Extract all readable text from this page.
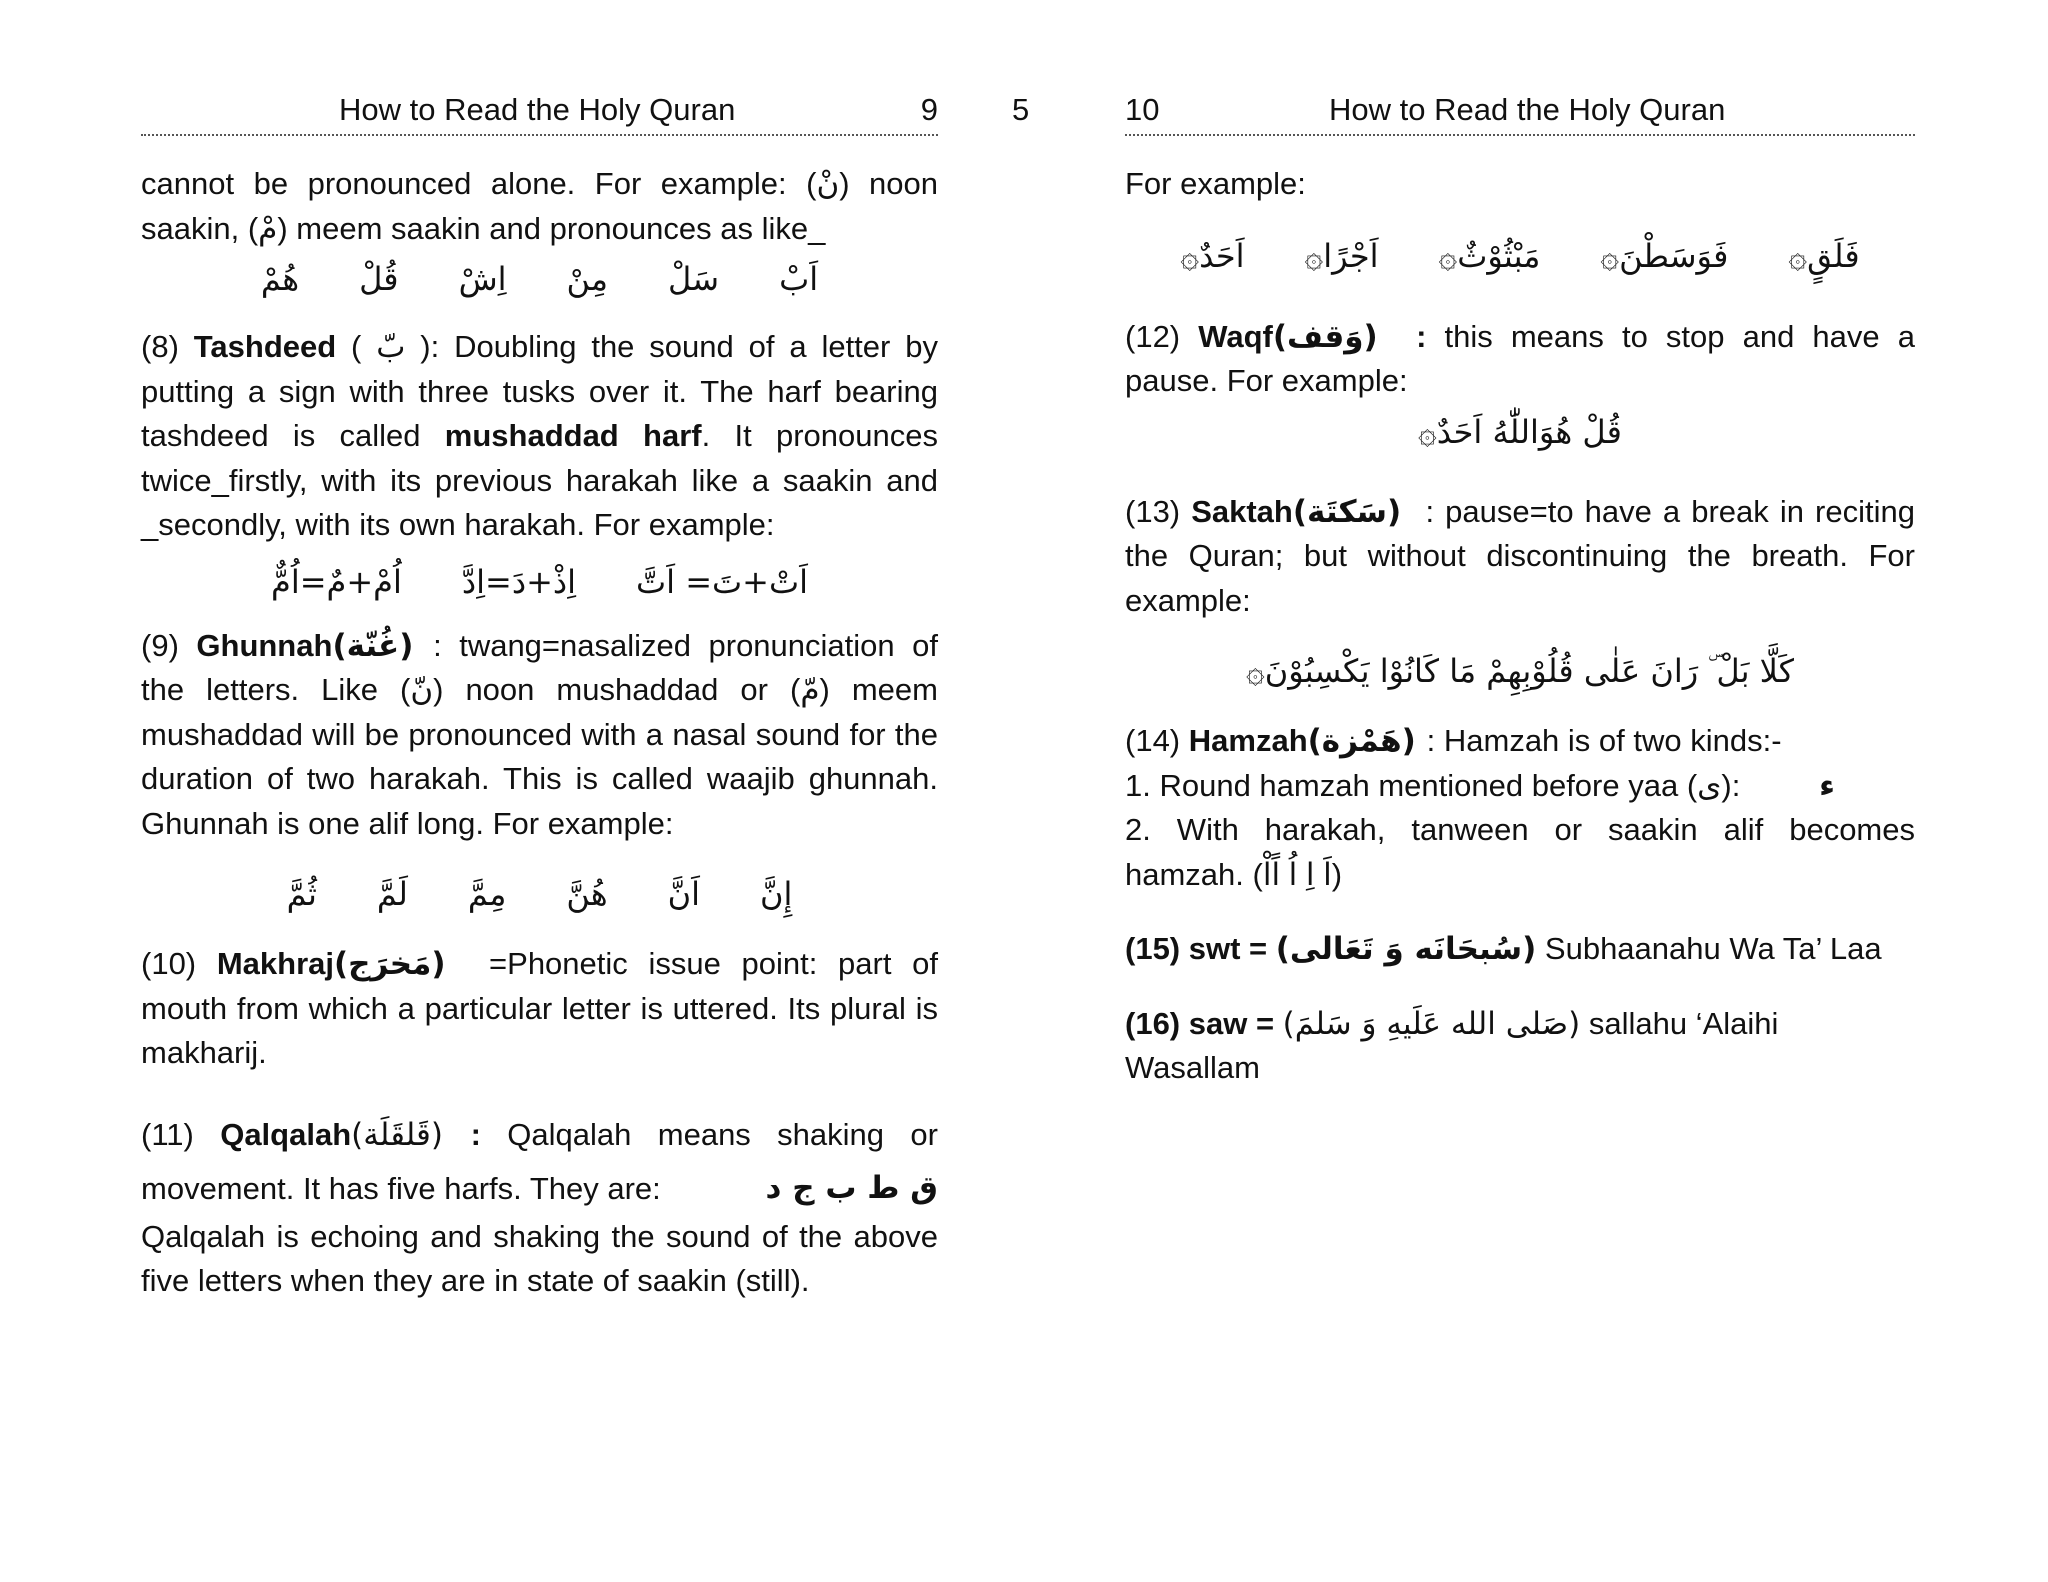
How to Read the Holy Quran	9

cannot be pronounced alone. For example: (نْ) noon

saakin, (مْ) meem saakin and pronounces as like_

اَبْ
سَلْ
مِنْ
اِشْ
قُلْ
هُمْ

(8) Tashdeed ( بّ ): Doubling the sound of a letter by putting a sign with three tusks over it. The harf bearing tashdeed is called mushaddad harf. It pronounces twice_firstly, with its previous harakah like a saakin and _secondly, with its own harakah. For example:

اَتْ+تَ= اَتَّ
اِذْ+دَ=اِدَّ
اُمْ+مٌ=اُمٌّ

(9) Ghunnah (غُنّة): twang=nasalized pronunciation of the letters. Like (نّ) noon mushaddad or (مّ) meem mushaddad will be pronounced with a nasal sound for the duration of two harakah. This is called waajib ghunnah. Ghunnah is one alif long. For example:

إِنَّ
اَنَّ
هُنَّ
مِمَّ
لَمَّ
ثُمَّ

(10) Makhraj (مَخرَج) =Phonetic issue point: part of mouth from which a particular letter is uttered. Its plural is makharij.

(11) Qalqalah (قَلقَلَة): Qalqalah means shaking or movement. It has five harfs. They are:	ق ط ب ج د

Qalqalah is echoing and shaking the sound of the above five letters when they are in state of saakin (still).

5	10	How to Read the Holy Quran

For example:

فَلَقٍ۞
فَوَسَطْنَ۞
مَبْثُوْثٌ۞
اَجْرًا۞
اَحَدٌ۞

(12) Waqf (وَقف) : this means to stop and have a pause. For example:

قُلْ هُوَاللّٰهُ اَحَدٌ۞

(13) Saktah (سَكتَة) : pause=to have a break in reciting the Quran; but without discontinuing the breath. For example:

كَلَّا بَلْ ۜ رَانَ عَلٰى قُلُوْبِهِمْ مَا كَانُوْا يَكْسِبُوْنَ۞

(14) Hamzah (هَمْزة): Hamzah is of two kinds:-

1. Round hamzah mentioned before yaa (ى):	ء

2. With harakah, tanween or saakin alif becomes hamzah. (اَ اِ اُ اًاْ)

(15) swt = (سُبحَانَه وَ تَعَالى) Subhaanahu Wa Ta’ Laa

(16) saw = (صَلى الله عَلَيهِ وَ سَلمَ) sallahu ‘Alaihi Wasallam
